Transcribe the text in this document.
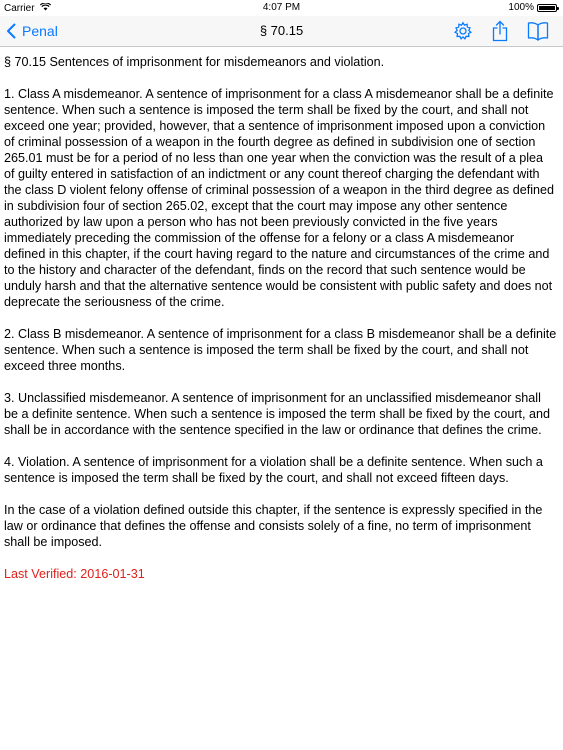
Carrier	4:07 PM	100%
Penal	§ 70.15

§ 70.15 Sentences of imprisonment for misdemeanors and violation.

1. Class A misdemeanor. A sentence of imprisonment for a class A misdemeanor shall be a definite sentence. When such a sentence is imposed the term shall be fixed by the court, and shall not exceed one year; provided, however, that a sentence of imprisonment imposed upon a conviction of criminal possession of a weapon in the fourth degree as defined in subdivision one of section 265.01 must be for a period of no less than one year when the conviction was the result of a plea of guilty entered in satisfaction of an indictment or any count thereof charging the defendant with the class D violent felony offense of criminal possession of a weapon in the third degree as defined in subdivision four of section 265.02, except that the court may impose any other sentence authorized by law upon a person who has not been previously convicted in the five years immediately preceding the commission of the offense for a felony or a class A misdemeanor defined in this chapter, if the court having regard to the nature and circumstances of the crime and to the history and character of the defendant, finds on the record that such sentence would be unduly harsh and that the alternative sentence would be consistent with public safety and does not deprecate the seriousness of the crime.

2. Class B misdemeanor. A sentence of imprisonment for a class B misdemeanor shall be a definite sentence. When such a sentence is imposed the term shall be fixed by the court, and shall not exceed three months.

3. Unclassified misdemeanor. A sentence of imprisonment for an unclassified misdemeanor shall be a definite sentence. When such a sentence is imposed the term shall be fixed by the court, and shall be in accordance with the sentence specified in the law or ordinance that defines the crime.

4. Violation. A sentence of imprisonment for a violation shall be a definite sentence. When such a sentence is imposed the term shall be fixed by the court, and shall not exceed fifteen days.

In the case of a violation defined outside this chapter, if the sentence is expressly specified in the law or ordinance that defines the offense and consists solely of a fine, no term of imprisonment shall be imposed.

Last Verified: 2016-01-31
